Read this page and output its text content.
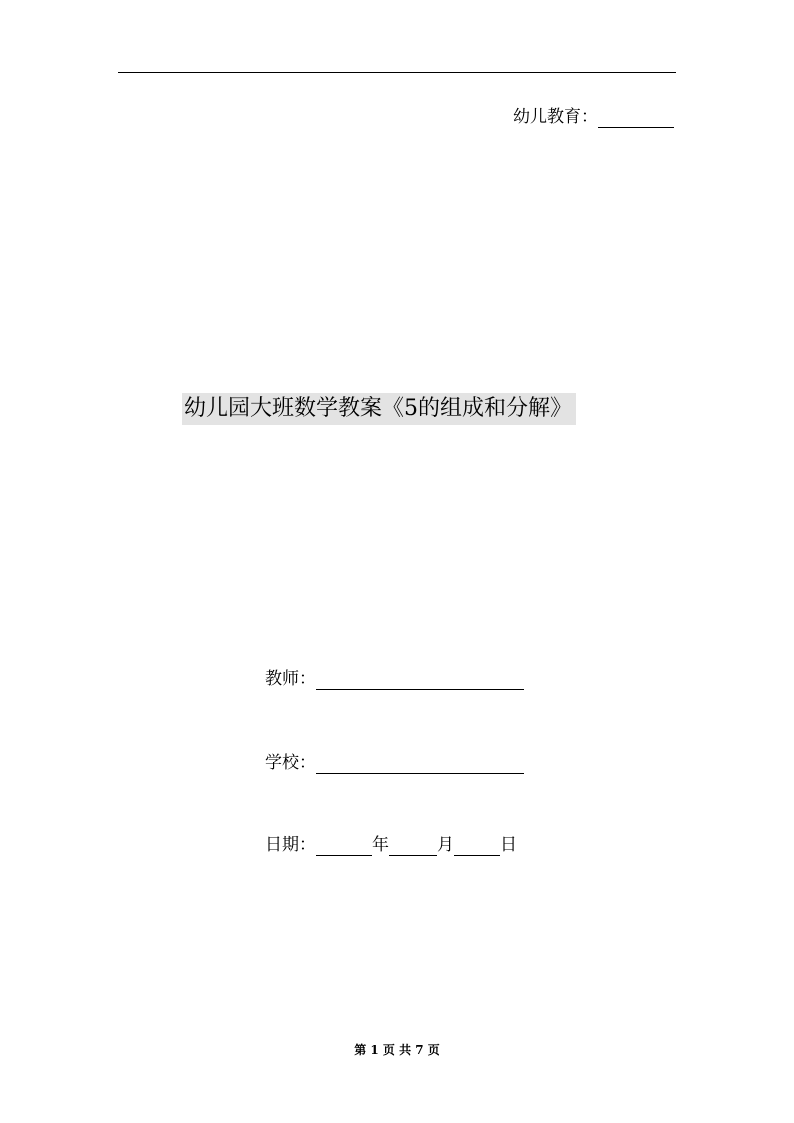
幼儿教育：
幼儿园大班数学教案《5的组成和分解》
教师：
学校：
日期：	年	月	日
第 1 页 共 7 页
